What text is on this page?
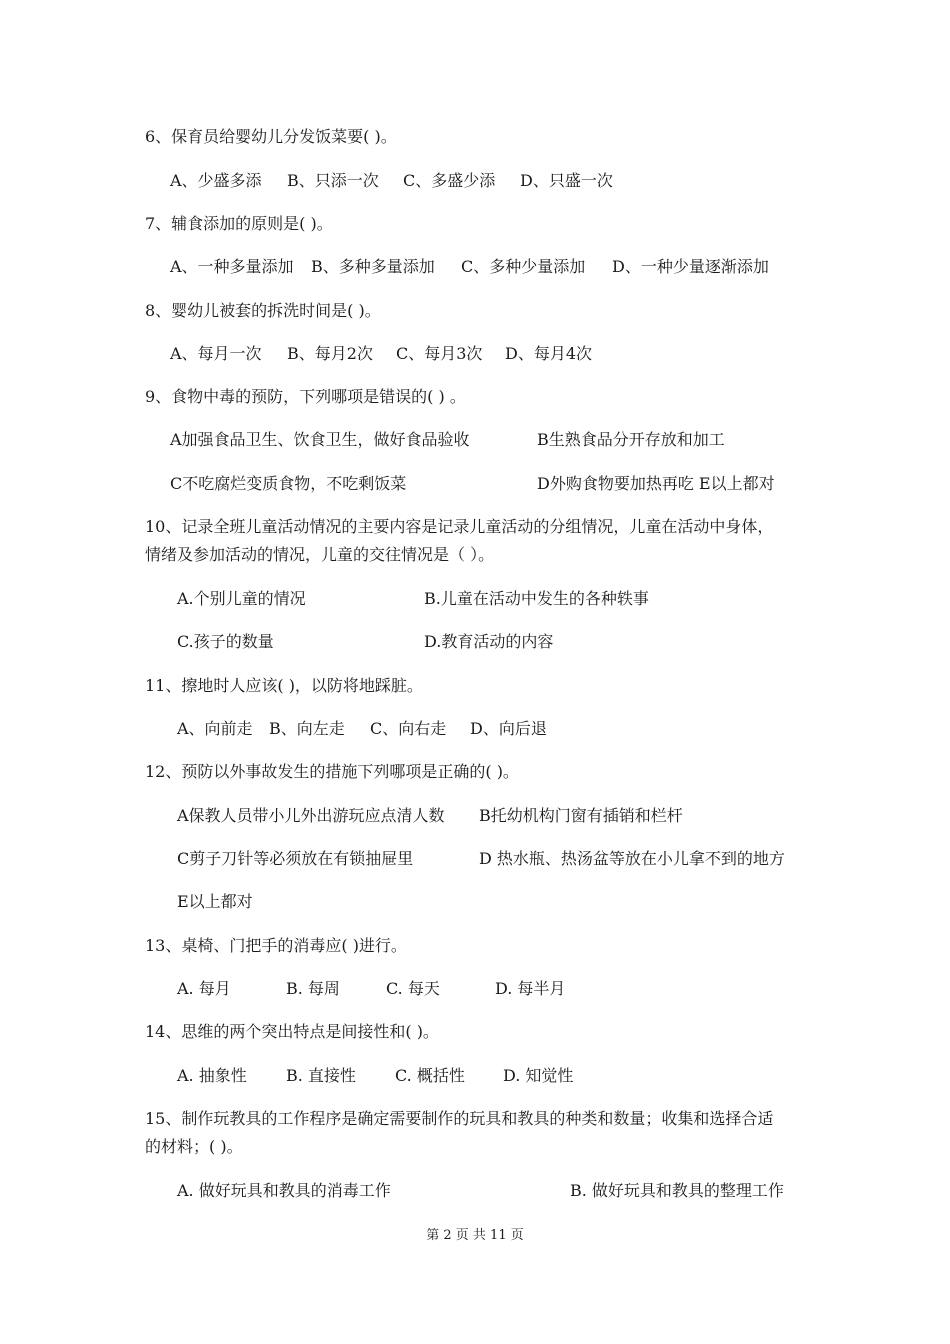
6、保育员给婴幼儿分发饭菜要( )。
A、少盛多添 B、只添一次 C、多盛少添 D、只盛一次
7、辅食添加的原则是( )。
A、一种多量添加 B、多种多量添加 C、多种少量添加 D、一种少量逐渐添加
8、婴幼儿被套的拆洗时间是( )。
A、每月一次 B、每月2次 C、每月3次 D、每月4次
9、食物中毒的预防，下列哪项是错误的( ) 。
A加强食品卫生、饮食卫生，做好食品验收	B生熟食品分开存放和加工
C不吃腐烂变质食物，不吃剩饭菜	D外购食物要加热再吃 E以上都对
10、记录全班儿童活动情况的主要内容是记录儿童活动的分组情况，儿童在活动中身体，
情绪及参加活动的情况，儿童的交往情况是（ ）。
A.个别儿童的情况	B.儿童在活动中发生的各种轶事
C.孩子的数量	D.教育活动的内容
11、擦地时人应该( )，以防将地踩脏。
A、向前走 B、向左走 C、向右走 D、向后退
12、预防以外事故发生的措施下列哪项是正确的( )。
A保教人员带小儿外出游玩应点清人数 B托幼机构门窗有插销和栏杆
C剪子刀针等必须放在有锁抽屉里	D 热水瓶、热汤盆等放在小儿拿不到的地方
E以上都对
13、桌椅、门把手的消毒应( )进行。
A. 每月	B. 每周	C. 每天	D. 每半月
14、思维的两个突出特点是间接性和( )。
A. 抽象性 B. 直接性 C. 概括性 D. 知觉性
15、制作玩教具的工作程序是确定需要制作的玩具和教具的种类和数量；收集和选择合适
的材料；( )。
A. 做好玩具和教具的消毒工作	B. 做好玩具和教具的整理工作
第 2 页 共 11 页
